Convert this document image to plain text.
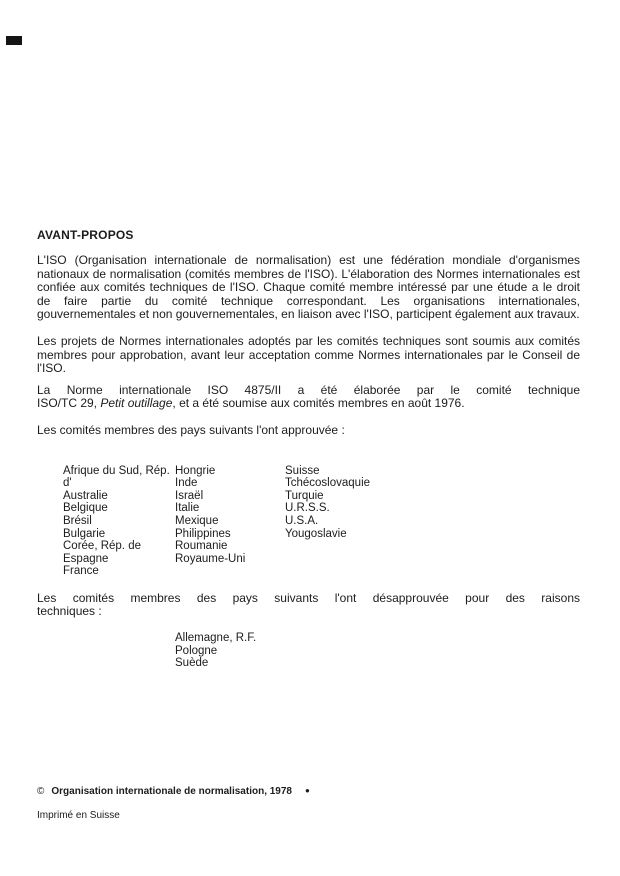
AVANT-PROPOS

L'ISO (Organisation internationale de normalisation) est une fédération mondiale d'organismes nationaux de normalisation (comités membres de l'ISO). L'élaboration des Normes internationales est confiée aux comités techniques de l'ISO. Chaque comité membre intéressé par une étude a le droit de faire partie du comité technique correspondant. Les organisations internationales, gouvernementales et non gouvernementales, en liaison avec l'ISO, participent également aux travaux.

Les projets de Normes internationales adoptés par les comités techniques sont soumis aux comités membres pour approbation, avant leur acceptation comme Normes internationales par le Conseil de l'ISO.

La Norme internationale ISO 4875/II a été élaborée par le comité technique
ISO/TC 29, Petit outillage, et a été soumise aux comités membres en août 1976.

Les comités membres des pays suivants l'ont approuvée :

Afrique du Sud, Rép. d'
Australie
Belgique
Brésil
Bulgarie
Corée, Rép. de
Espagne
France
Hongrie
Inde
Israël
Italie
Mexique
Philippines
Roumanie
Royaume-Uni
Suisse
Tchécoslovaquie
Turquie
U.R.S.S.
U.S.A.
Yougoslavie

Les comités membres des pays suivants l'ont désapprouvée pour des raisons
techniques :

Allemagne, R.F.
Pologne
Suède
© Organisation internationale de normalisation, 1978 ●
Imprimé en Suisse
